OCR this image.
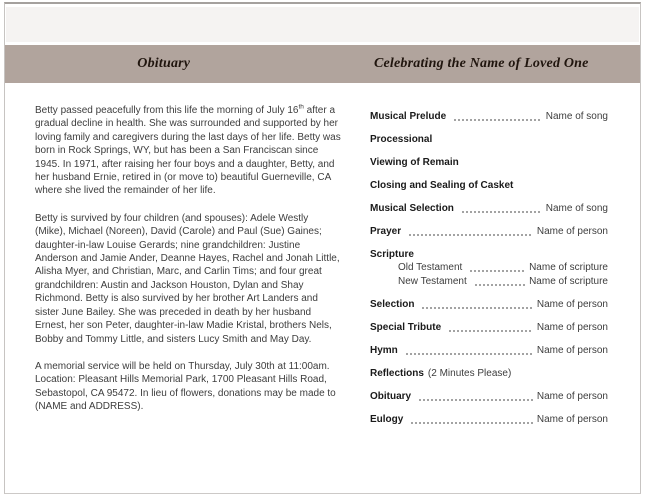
Obituary	Celebrating the Name of Loved One

Betty passed peacefully from this life the morning of July 16th after a gradual decline in health. She was surrounded and supported by her loving family and caregivers during the last days of her life. Betty was born in Rock Springs, WY, but has been a San Franciscan since 1945. In 1971, after raising her four boys and a daughter, Betty, and her husband Ernie, retired in (or move to) beautiful Guerneville, CA where she lived the remainder of her life.

Betty is survived by four children (and spouses): Adele Westly (Mike), Michael (Noreen), David (Carole) and Paul (Sue) Gaines; daughter-in-law Louise Gerards; nine grandchildren: Justine Anderson and Jamie Ander, Deanne Hayes, Rachel and Jonah Little, Alisha Myer, and Christian, Marc, and Carlin Tims; and four great grandchildren: Austin and Jackson Houston, Dylan and Shay Richmond. Betty is also survived by her brother Art Landers and sister June Bailey. She was preceded in death by her husband Ernest, her son Peter, daughter-in-law Madie Kristal, brothers Nels, Bobby and Tommy Little, and sisters Lucy Smith and May Day.

A memorial service will be held on Thursday, July 30th at 11:00am. Location: Pleasant Hills Memorial Park, 1700 Pleasant Hills Road, Sebastopol, CA 95472. In lieu of flowers, donations may be made to (NAME and ADDRESS).

Musical Prelude	Name of song
Processional
Viewing of Remain
Closing and Sealing of Casket
Musical Selection	Name of song
Prayer	Name of person
Scripture
Old Testament	Name of scripture
New Testament	Name of scripture
Selection	Name of person
Special Tribute	Name of person
Hymn	Name of person
Reflections (2 Minutes Please)
Obituary	Name of person
Eulogy	Name of person
